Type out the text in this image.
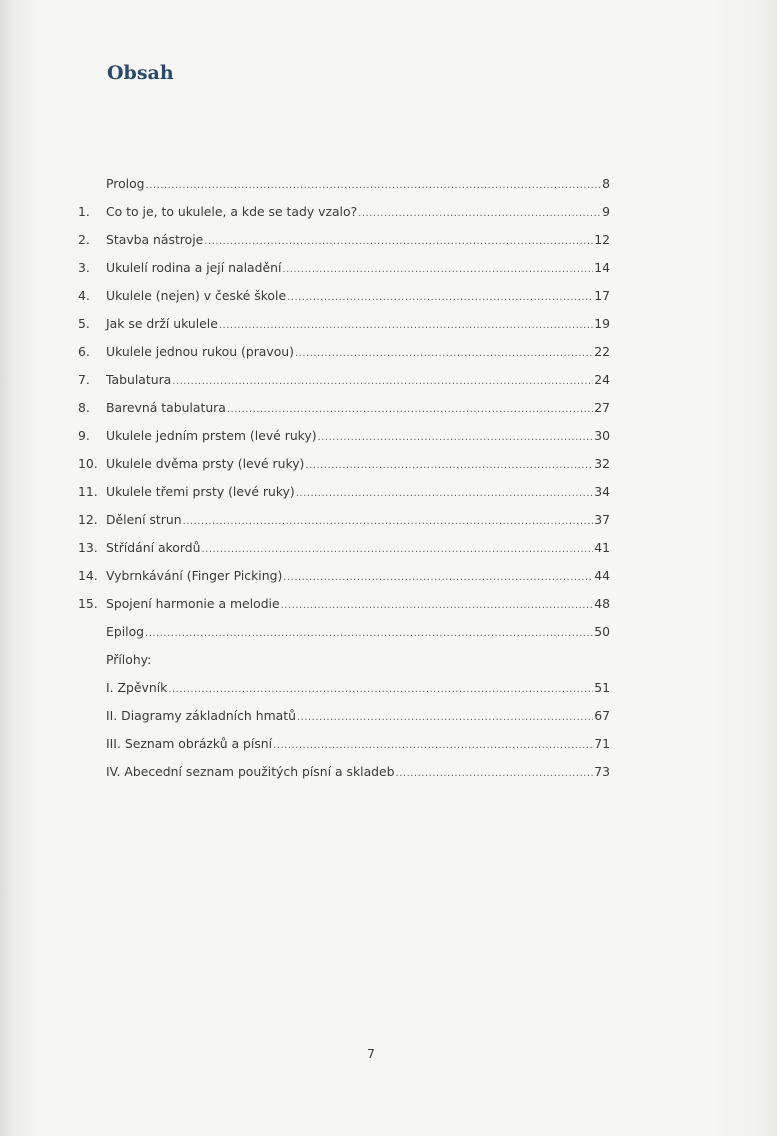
Obsah
Prolog .....	8
1.	Co to je, to ukulele, a kde se tady vzalo? .....	9
2.	Stavba nástroje .....	12
3.	Ukulelí rodina a její naladění .....	14
4.	Ukulele (nejen) v české škole .....	17
5.	Jak se drží ukulele .....	19
6.	Ukulele jednou rukou (pravou) .....	22
7.	Tabulatura .....	24
8.	Barevná tabulatura .....	27
9.	Ukulele jedním prstem (levé ruky) .....	30
10. Ukulele dvěma prsty (levé ruky) .....	32
11. Ukulele třemi prsty (levé ruky) .....	34
12. Dělení strun .....	37
13. Střídání akordů .....	41
14. Vybrnkávání (Finger Picking) .....	44
15. Spojení harmonie a melodie .....	48
Epilog .....	50
Přílohy:
I. Zpěvník .....	51
II. Diagramy základních hmatů .....	67
III. Seznam obrázků a písní .....	71
IV. Abecední seznam použitých písní a skladeb .....	73
7
